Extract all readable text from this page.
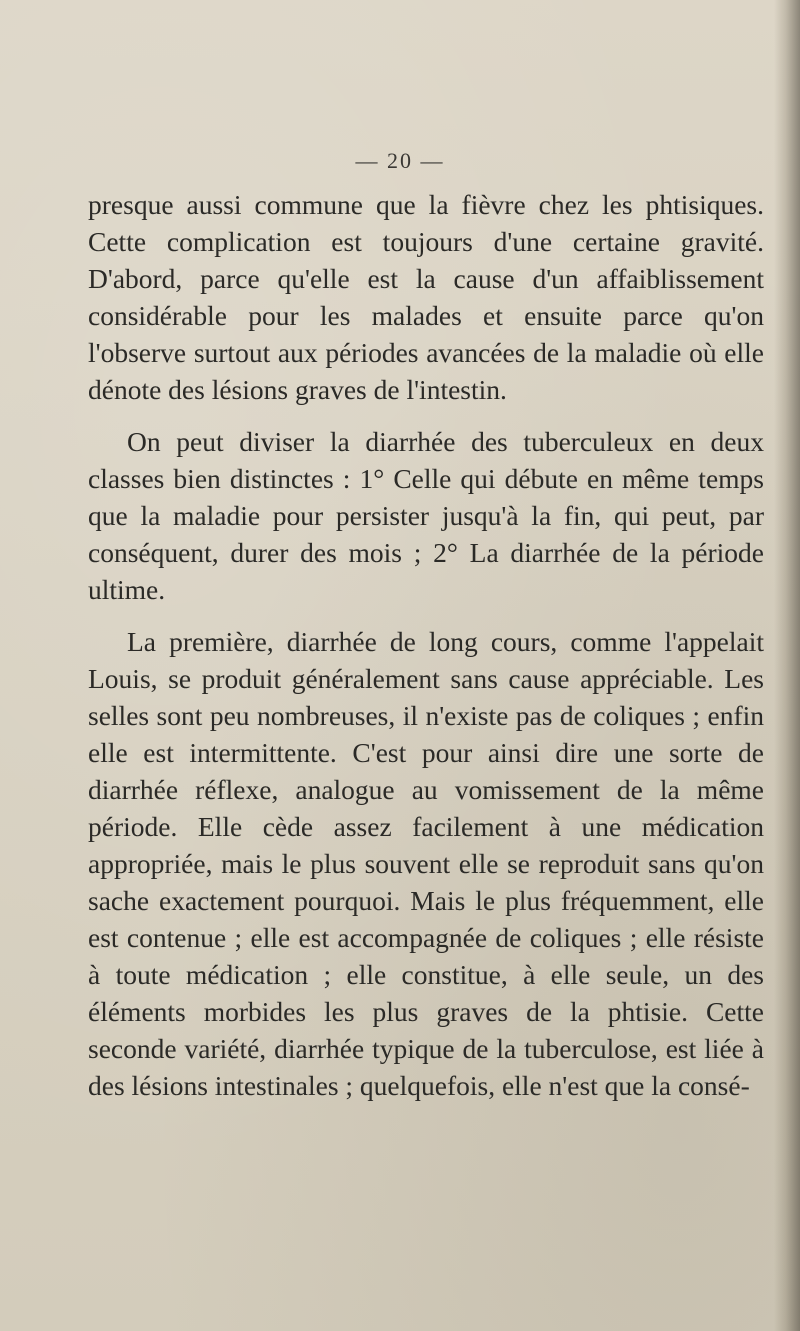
— 20 —

presque aussi commune que la fièvre chez les phtisiques. Cette complication est toujours d'une certaine gravité. D'abord, parce qu'elle est la cause d'un affaiblissement considérable pour les malades et ensuite parce qu'on l'observe surtout aux périodes avancées de la maladie où elle dénote des lésions graves de l'intestin.

On peut diviser la diarrhée des tuberculeux en deux classes bien distinctes : 1° Celle qui débute en même temps que la maladie pour persister jusqu'à la fin, qui peut, par conséquent, durer des mois ; 2° La diarrhée de la période ultime.

La première, diarrhée de long cours, comme l'appelait Louis, se produit généralement sans cause appréciable. Les selles sont peu nombreuses, il n'existe pas de coliques ; enfin elle est intermittente. C'est pour ainsi dire une sorte de diarrhée réflexe, analogue au vomissement de la même période. Elle cède assez facilement à une médication appropriée, mais le plus souvent elle se reproduit sans qu'on sache exactement pourquoi. Mais le plus fréquemment, elle est contenue ; elle est accompagnée de coliques ; elle résiste à toute médication ; elle constitue, à elle seule, un des éléments morbides les plus graves de la phtisie. Cette seconde variété, diarrhée typique de la tuberculose, est liée à des lésions intestinales ; quelquefois, elle n'est que la consé-
